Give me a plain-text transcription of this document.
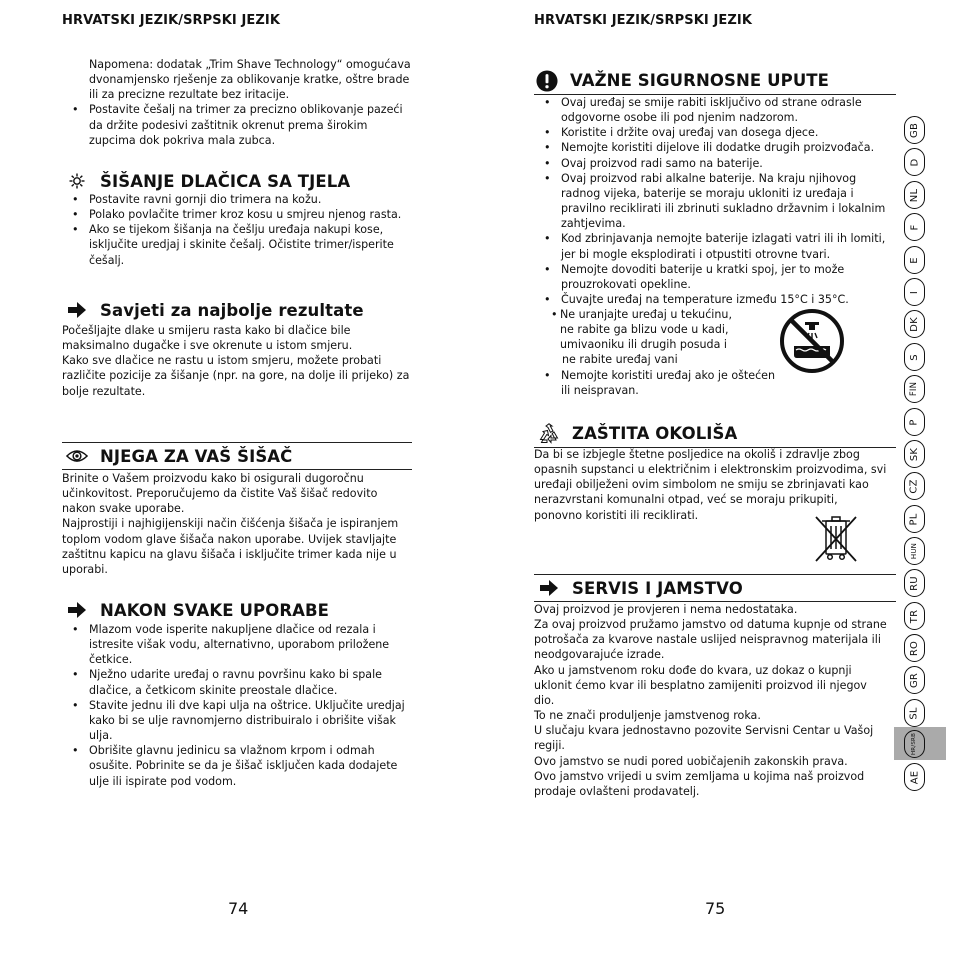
HRVATSKI JEZIK/SRPSKI JEZIK
Napomena: dodatak „Trim Shave Technology“ omogućava
dvonamjensko rješenje za oblikovanje kratke, oštre brade
ili za precizne rezultate bez iritacije.
• Postavite češalj na trimer za precizno oblikovanje pazeći da držite podesivi zaštitnik okrenut prema širokim zupcima dok pokriva mala zubca.
ŠIŠANJE DLAČICA SA TJELA
• Postavite ravni gornji dio trimera na kožu.
• Polako povlačite trimer kroz kosu u smjreu njenog rasta.
• Ako se tijekom šišanja na češlju uređaja nakupi kose, isključite uredjaj i skinite češalj. Očistite trimer/isperite češalj.
Savjeti za najbolje rezultate
Počešljajte dlake u smijeru rasta kako bi dlačice bile maksimalno dugačke i sve okrenute u istom smjeru.
Kako sve dlačice ne rastu u istom smjeru, možete probati različite pozicije za šišanje (npr. na gore, na dolje ili prijeko) za bolje rezultate.
NJEGA ZA VAŠ ŠIŠAČ
Brinite o Vašem proizvodu kako bi osigurali dugoročnu učinkovitost. Preporučujemo da čistite Vaš šišač redovito nakon svake uporabe.
Najprostiji i najhigijenskiji način čišćenja šišača je ispiranjem toplom vodom glave šišača nakon uporabe. Uvijek stavljajte zaštitnu kapicu na glavu šišača i isključite trimer kada nije u uporabi.
NAKON SVAKE UPORABE
• Mlazom vode isperite nakupljene dlačice od rezala i istresite višak vodu, alternativno, uporabom priložene četkice.
• Nježno udarite uređaj o ravnu površinu kako bi spale dlačice, a četkicom skinite preostale dlačice.
• Stavite jednu ili dve kapi ulja na oštrice. Uključite uredjaj kako bi se ulje ravnomjerno distribuiralo i obrišite višak ulja.
• Obrišite glavnu jedinicu sa vlažnom krpom i odmah osušite. Pobrinite se da je šišač isključen kada dodajete ulje ili ispirate pod vodom.
74
HRVATSKI JEZIK/SRPSKI JEZIK
VAŽNE SIGURNOSNE UPUTE
• Ovaj uređaj se smije rabiti isključivo od strane odrasle odgovorne osobe ili pod njenim nadzorom.
• Koristite i držite ovaj uređaj van dosega djece.
• Nemojte koristiti dijelove ili dodatke drugih proizvođača.
• Ovaj proizvod radi samo na baterije.
• Ovaj proizvod rabi alkalne baterije. Na kraju njihovog radnog vijeka, baterije se moraju ukloniti iz uređaja i pravilno reciklirati ili zbrinuti sukladno državnim i lokalnim zahtjevima.
• Kod zbrinjavanja nemojte baterije izlagati vatri ili ih lomiti, jer bi mogle eksplodirati i otpustiti otrovne tvari.
• Nemojte dovoditi baterije u kratki spoj, jer to može prouzrokovati opekline.
• Čuvajte uređaj na temperature između 15°C i 35°C.
• Ne uranjajte uređaj u tekućinu,
ne rabite ga blizu vode u kadi,
umivaoniku ili drugih posuda i
ne rabite uređaj vani
• Nemojte koristiti uređaj ako je oštećen ili neispravan.
ZAŠTITA OKOLIŠA
Da bi se izbjegle štetne posljedice na okoliš i zdravlje zbog opasnih supstanci u električnim i elektronskim proizvodima, svi uređaji obilježeni ovim simbolom ne smiju se zbrinjavati kao nerazvrstani komunalni otpad, već se moraju prikupiti, ponovno koristiti ili reciklirati.
SERVIS I JAMSTVO
Ovaj proizvod je provjeren i nema nedostataka.
Za ovaj proizvod pružamo jamstvo od datuma kupnje od strane potrošača za kvarove nastale uslijed neispravnog materijala ili neodgovarajuće izrade.
Ako u jamstvenom roku dođe do kvara, uz dokaz o kupnji uklonit ćemo kvar ili besplatno zamijeniti proizvod ili njegov dio.
To ne znači produljenje jamstvenog roka.
U slučaju kvara jednostavno pozovite Servisni Centar u Vašoj regiji.
Ovo jamstvo se nudi pored uobičajenih zakonskih prava.
Ovo jamstvo vrijedi u svim zemljama u kojima naš proizvod prodaje ovlašteni prodavatelj.
75
GB
D
NL
F
E
I
DK
S
FIN
P
SK
CZ
PL
HUN
RU
TR
RO
GR
SL
HR/SRB
AE
